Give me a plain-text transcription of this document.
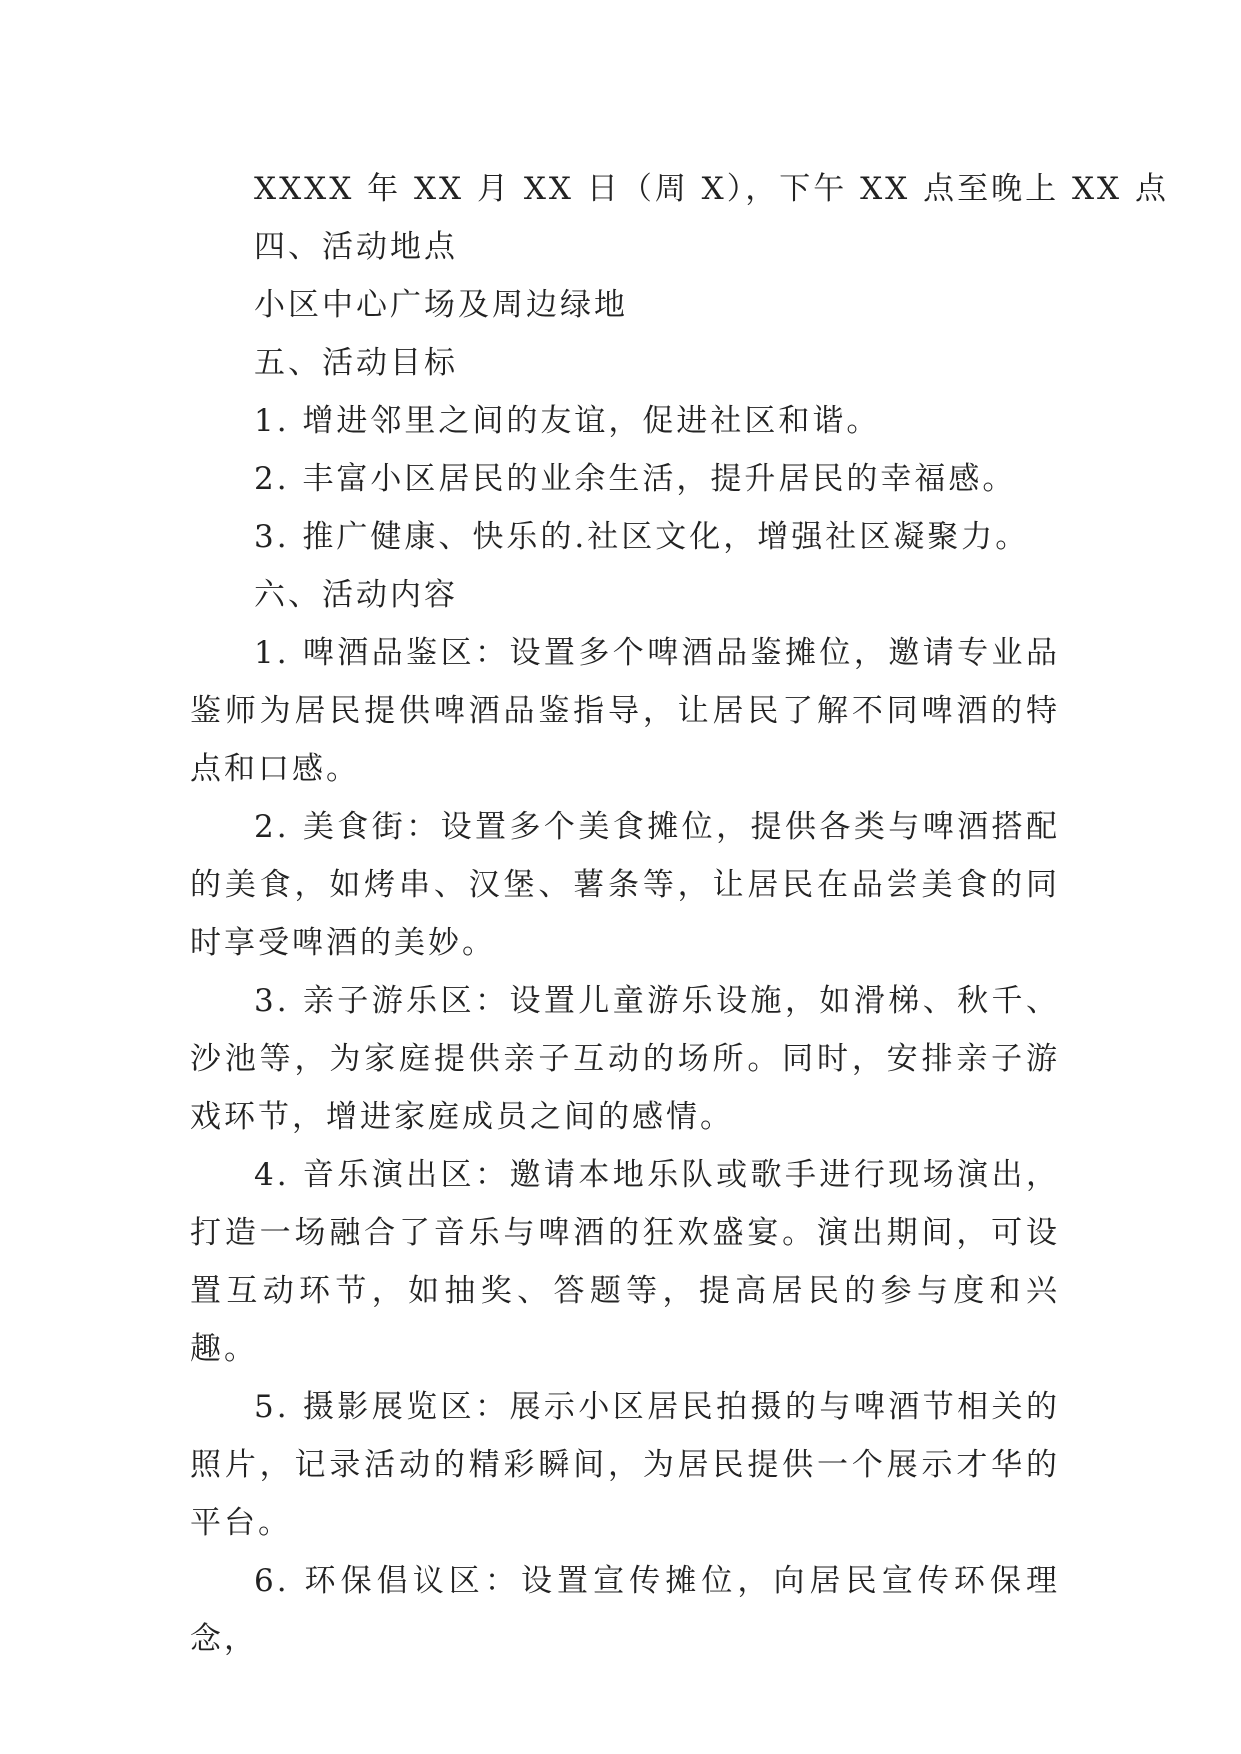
XXXX 年 XX 月 XX 日（周 X），下午 XX 点至晚上 XX 点

四、活动地点

小区中心广场及周边绿地

五、活动目标

1. 增进邻里之间的友谊，促进社区和谐。

2. 丰富小区居民的业余生活，提升居民的幸福感。

3. 推广健康、快乐的.社区文化，增强社区凝聚力。

六、活动内容

1. 啤酒品鉴区：设置多个啤酒品鉴摊位，邀请专业品鉴师为居民提供啤酒品鉴指导，让居民了解不同啤酒的特点和口感。

2. 美食街：设置多个美食摊位，提供各类与啤酒搭配的美食，如烤串、汉堡、薯条等，让居民在品尝美食的同时享受啤酒的美妙。

3. 亲子游乐区：设置儿童游乐设施，如滑梯、秋千、沙池等，为家庭提供亲子互动的场所。同时，安排亲子游戏环节，增进家庭成员之间的感情。

4. 音乐演出区：邀请本地乐队或歌手进行现场演出，打造一场融合了音乐与啤酒的狂欢盛宴。演出期间，可设置互动环节，如抽奖、答题等，提高居民的参与度和兴趣。

5. 摄影展览区：展示小区居民拍摄的与啤酒节相关的照片，记录活动的精彩瞬间，为居民提供一个展示才华的平台。

6. 环保倡议区：设置宣传摊位，向居民宣传环保理念，
